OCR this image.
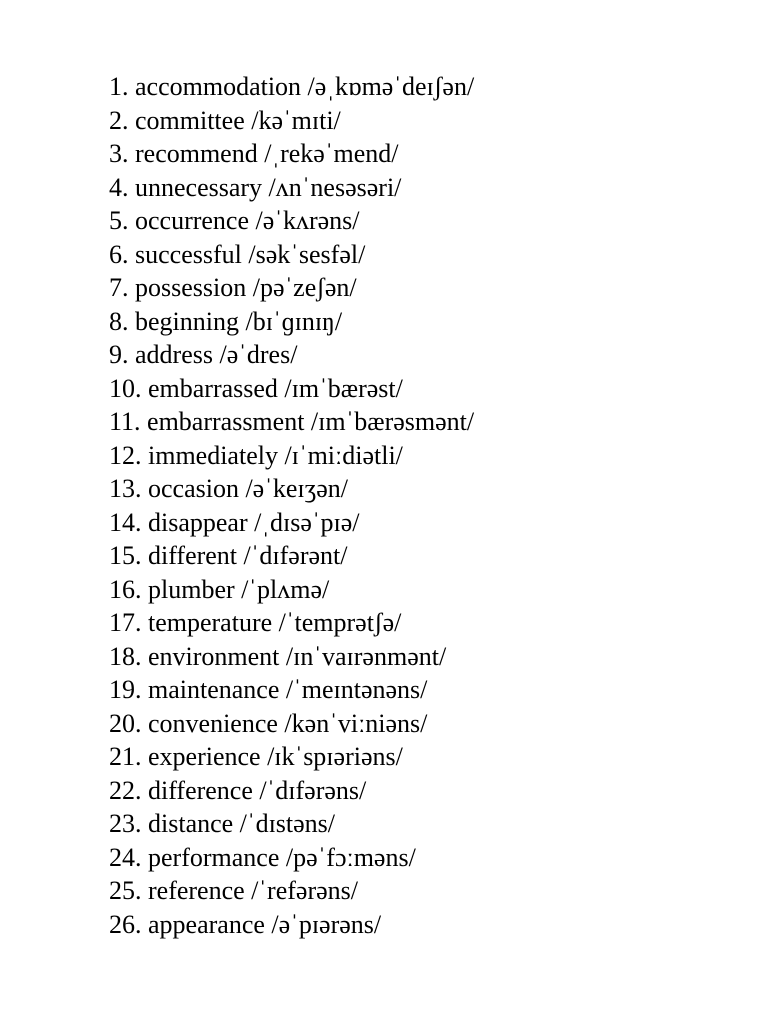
1. accommodation /əˌkɒməˈdeɪʃən/
2. committee /kəˈmɪti/
3. recommend /ˌrekəˈmend/
4. unnecessary /ʌnˈnesəsəri/
5. occurrence /əˈkʌrəns/
6. successful /səkˈsesfəl/
7. possession /pəˈzeʃən/
8. beginning /bɪˈɡɪnɪŋ/
9. address /əˈdres/
10. embarrassed /ɪmˈbærəst/
11. embarrassment /ɪmˈbærəsmənt/
12. immediately /ɪˈmiːdiətli/
13. occasion /əˈkeɪʒən/
14. disappear /ˌdɪsəˈpɪə/
15. different /ˈdɪfərənt/
16. plumber /ˈplʌmə/
17. temperature /ˈtemprətʃə/
18. environment /ɪnˈvaɪrənmənt/
19. maintenance /ˈmeɪntənəns/
20. convenience /kənˈviːniəns/
21. experience /ɪkˈspɪəriəns/
22. difference /ˈdɪfərəns/
23. distance /ˈdɪstəns/
24. performance /pəˈfɔːməns/
25. reference /ˈrefərəns/
26. appearance /əˈpɪərəns/
